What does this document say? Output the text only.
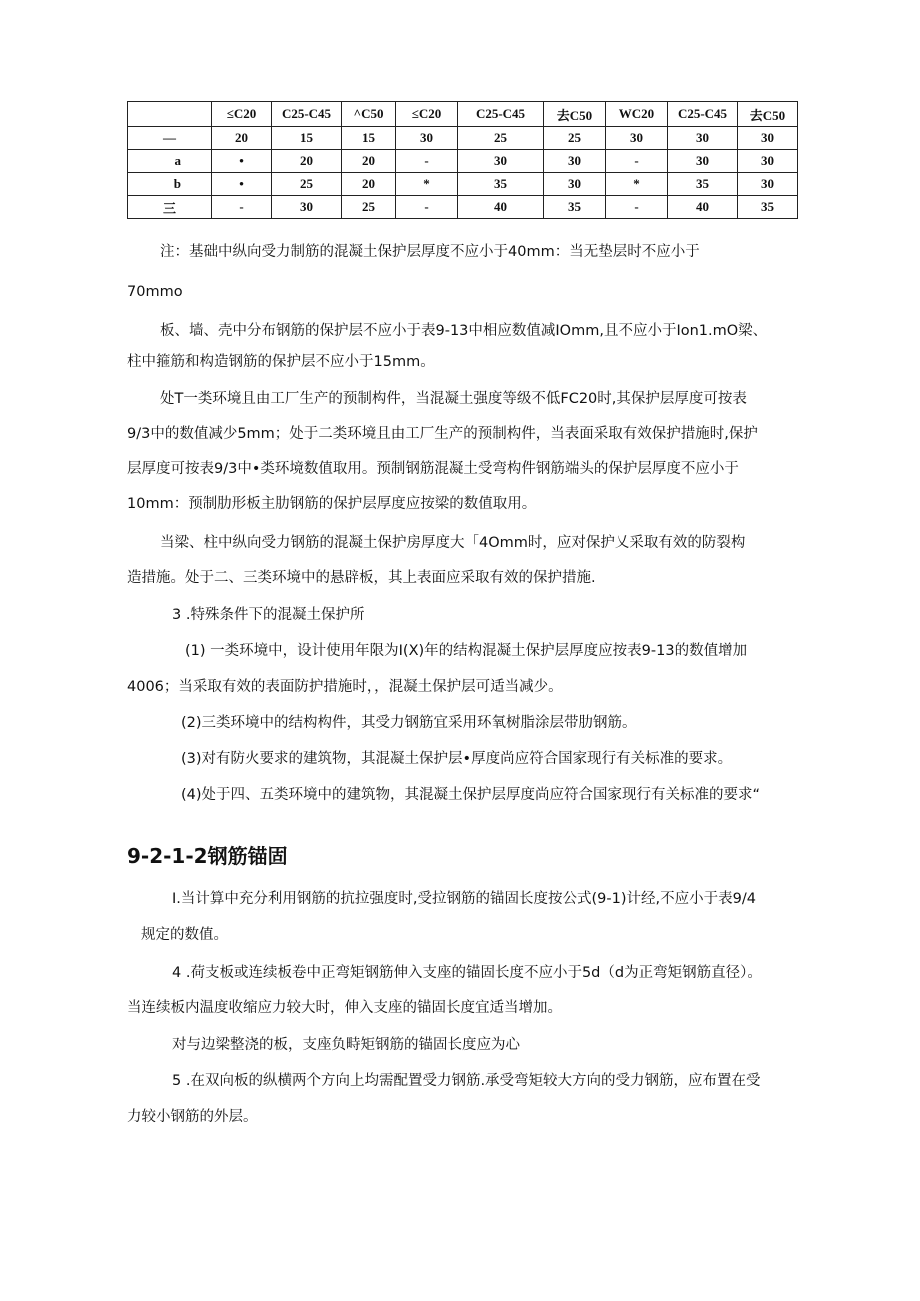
	≤C20	C25-C45	^C50	≤C20	C25-C45	去C50	WC20	C25-C45	去C50
—	20	15	15	30	25	25	30	30	30
a	•	20	20	-	30	30	-	30	30
b	•	25	20	*	35	30	*	35	30
三	-	30	25	-	40	35	-	40	35
注：基础中纵向受力制筋的混凝土保护层厚度不应小于40mm：当无垫层时不应小于
70mmo
板、墙、壳中分布钢筋的保护层不应小于表9-13中相应数值减IOmm,且不应小于Ion1.mO梁、
柱中箍筋和构造钢筋的保护层不应小于15mm。
处T一类环境且由工厂生产的预制构件，当混凝土强度等级不低FC20时,其保护层厚度可按表
9/3中的数值减少5mm；处于二类环境且由工厂生产的预制构件，当表面采取有效保护措施时,保护
层厚度可按表9/3中•类环境数值取用。预制钢筋混凝土受弯构件钢筋端头的保护层厚度不应小于
10mm：预制肋形板主肋钢筋的保护层厚度应按梁的数值取用。
当梁、柱中纵向受力钢筋的混凝土保护房厚度大「4Omm时，应对保护乂采取有效的防裂构
造措施。处于二、三类环境中的悬辟板，其上表面应采取有效的保护措施.
3 .特殊条件下的混凝土保护所
(1) 一类环境中，设计使用年限为I(X)年的结构混凝土保护层厚度应按表9-13的数值增加
4006；当采取有效的表面防护措施时，，混凝土保护层可适当减少。
(2)三类环境中的结构构件，其受力钢筋宜采用环氧树脂涂层带肋钢筋。
(3)对有防火要求的建筑物，其混凝土保护层•厚度尚应符合国家现行有关标准的要求。
(4)处于四、五类环境中的建筑物，其混凝土保护层厚度尚应符合国家现行有关标准的要求“
9-2-1-2钢筋锚固
I.当计算中充分利用钢筋的抗拉强度时,受拉钢筋的锚固长度按公式(9-1)计经,不应小于表9/4
规定的数值。
4 .荷支板或连续板卷中正弯矩钢筋伸入支座的锚固长度不应小于5d（d为正弯矩钢筋直径）。
当连续板内温度收缩应力较大时，伸入支座的锚固长度宜适当增加。
对与边梁整浇的板，支座负畤矩钢筋的锚固长度应为心
5 .在双向板的纵横两个方向上均需配置受力钢筋.承受弯矩较大方向的受力钢筋，应布置在受
力较小钢筋的外层。
